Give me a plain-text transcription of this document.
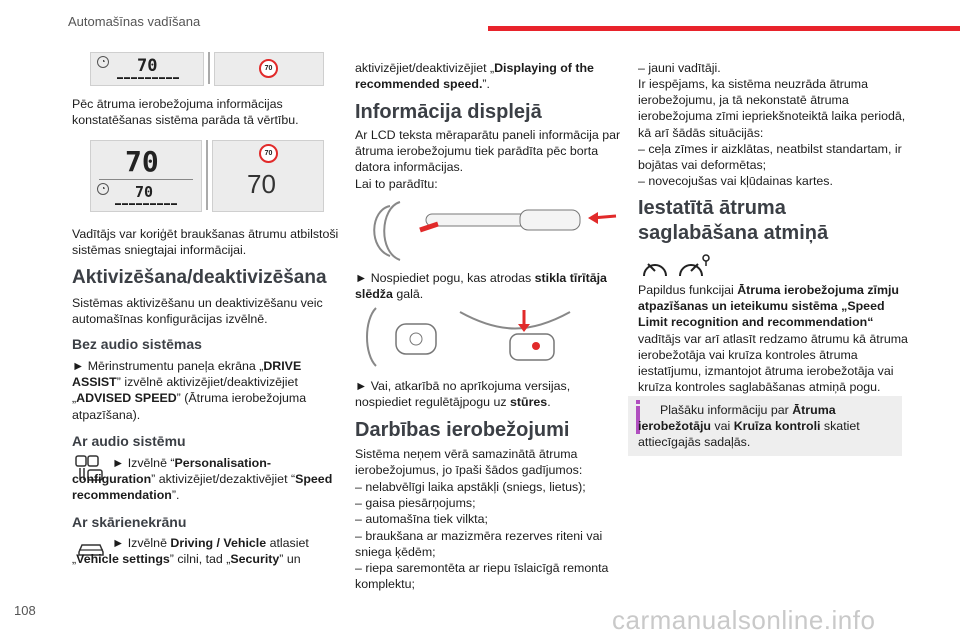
Automašīnas vadīšana
◔ 70
▬▬▬▬▬▬▬▬▬
70

Pēc ātruma ierobežojuma informācijas konstatēšanas sistēma parāda tā vērtību.

70
◔ 70
▬▬▬▬▬▬▬▬▬
70
70

Vadītājs var koriģēt braukšanas ātrumu atbilstoši sistēmas sniegtajai informācijai.

Aktivizēšana/deaktivizēšana

Sistēmas aktivizēšanu un deaktivizēšanu veic automašīnas konfigurācijas izvēlnē.

Bez audio sistēmas

► Mērinstrumentu paneļa ekrāna „DRIVE ASSIST” izvēlnē aktivizējiet/deaktivizējiet „ADVISED SPEED” (Ātruma ierobežojuma atpazīšana).

Ar audio sistēmu

► Izvēlnē “Personalisation-configuration” aktivizējiet/dezaktivējiet “Speed recommendation”.

Ar skārienekrānu

► Izvēlnē Driving / Vehicle atlasiet „Vehicle settings” cilni, tad „Security” un

aktivizējiet/deaktivizējiet „Displaying of the recommended speed.”.

Informācija displejā

Ar LCD teksta mēraparātu paneli informācija par ātruma ierobežojumu tiek parādīta pēc borta datora informācijas.

Lai to parādītu:

► Nospiediet pogu, kas atrodas stikla tīrītāja slēdža galā.

► Vai, atkarībā no aprīkojuma versijas, nospiediet regulētājpogu uz stūres.

Darbības ierobežojumi

Sistēma neņem vērā samazinātā ātruma ierobežojumus, jo īpaši šādos gadījumos:

– nelabvēlīgi laika apstākļi (sniegs, lietus);
– gaisa piesārņojums;
– automašīna tiek vilkta;
– braukšana ar mazizmēra rezerves riteni vai sniega ķēdēm;
– riepa saremontēta ar riepu īslaicīgā remonta komplektu;

– jauni vadītāji.

Ir iespējams, ka sistēma neuzrāda ātruma ierobežojumu, ja tā nekonstatē ātruma ierobežojuma zīmi iepriekšnoteiktā laika periodā, kā arī šādās situācijās:

– ceļa zīmes ir aizklātas, neatbilst standartam, ir bojātas vai deformētas;
– novecojušas vai kļūdainas kartes.
Iestatītā ātruma
saglabāšana atmiņā

Papildus funkcijai Ātruma ierobežojuma zīmju atpazīšanas un ieteikumu sistēma „Speed Limit recognition and recommendation“ vadītājs var arī atlasīt redzamo ātrumu kā ātruma ierobežotāja vai kruīza kontroles ātruma iestatījumu, izmantojot ātruma ierobežotāja vai kruīza kontroles saglabāšanas atmiņā pogu.

Plašāku informāciju par Ātruma ierobežotāju vai Kruīza kontroli skatiet attiecīgajās sadaļās.

108	carmanualsonline.info
